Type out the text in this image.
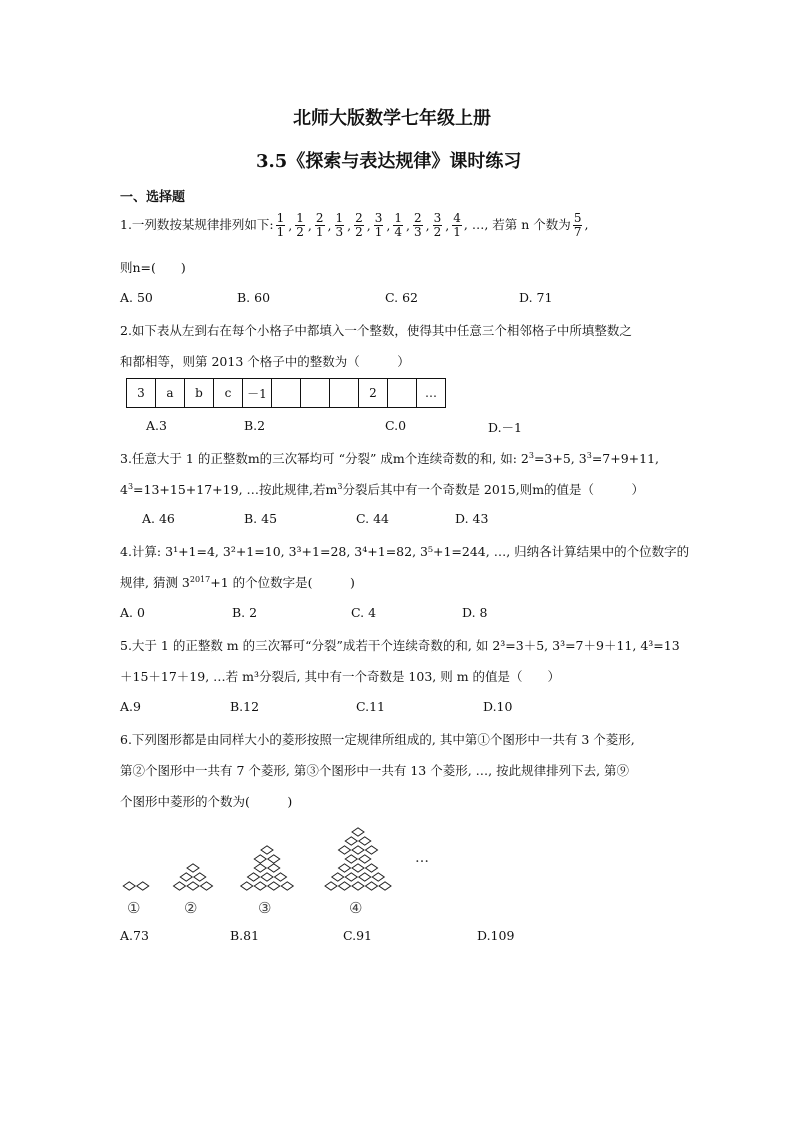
北师大版数学七年级上册
3.5《探索与表达规律》课时练习
一、选择题
1.一列数按某规律排列如下: $\frac{1}{1}$ , $\frac{1}{2}$ , $\frac{2}{1}$ , $\frac{1}{3}$ , $\frac{2}{2}$ , $\frac{3}{1}$ , $\frac{1}{4}$ , $\frac{2}{3}$ , $\frac{3}{2}$ , $\frac{4}{1}$ , …, 若第 n 个数为 $\frac{5}{7}$ ,
则n=(　　)
A. 50	B. 60	C. 62	D. 71
2.如下表从左到右在每个小格子中都填入一个整数，使得其中任意三个相邻格子中所填整数之
和都相等，则第 2013 个格子中的整数为（　　　）
3	a	b	c	－1				2		…
A.3	B.2	C.0	D.－1
3.任意大于 1 的正整数m的三次幂均可 “分裂” 成m个连续奇数的和, 如: $2^3=3+5$, $3^3=7+9+11$,
$4^3=13+15+17+19$, …按此规律,若$m^3$分裂后其中有一个奇数是 2015,则m的值是（　　　）
A. 46	B. 45	C. 44	D. 43
4.计算: 3¹+1=4, 3²+1=10, 3³+1=28, 3⁴+1=82, 3⁵+1=244, …, 归纳各计算结果中的个位数字的
规律, 猜测 $3^{2017}+1$ 的个位数字是(　　　)
A. 0	B. 2	C. 4	D. 8
5.大于 1 的正整数 m 的三次幂可“分裂”成若干个连续奇数的和, 如 2³=3＋5, 3³=7＋9＋11, 4³=13
＋15＋17＋19, …若 m³分裂后, 其中有一个奇数是 103, 则 m 的值是（　　）
A.9	B.12	C.11	D.10
6.下列图形都是由同样大小的菱形按照一定规律所组成的, 其中第①个图形中一共有 3 个菱形,
第②个图形中一共有 7 个菱形, 第③个图形中一共有 13 个菱形, …, 按此规律排列下去, 第⑨
个图形中菱形的个数为(　　　)
…
①	②	③	④
A.73	B.81	C.91	D.109
